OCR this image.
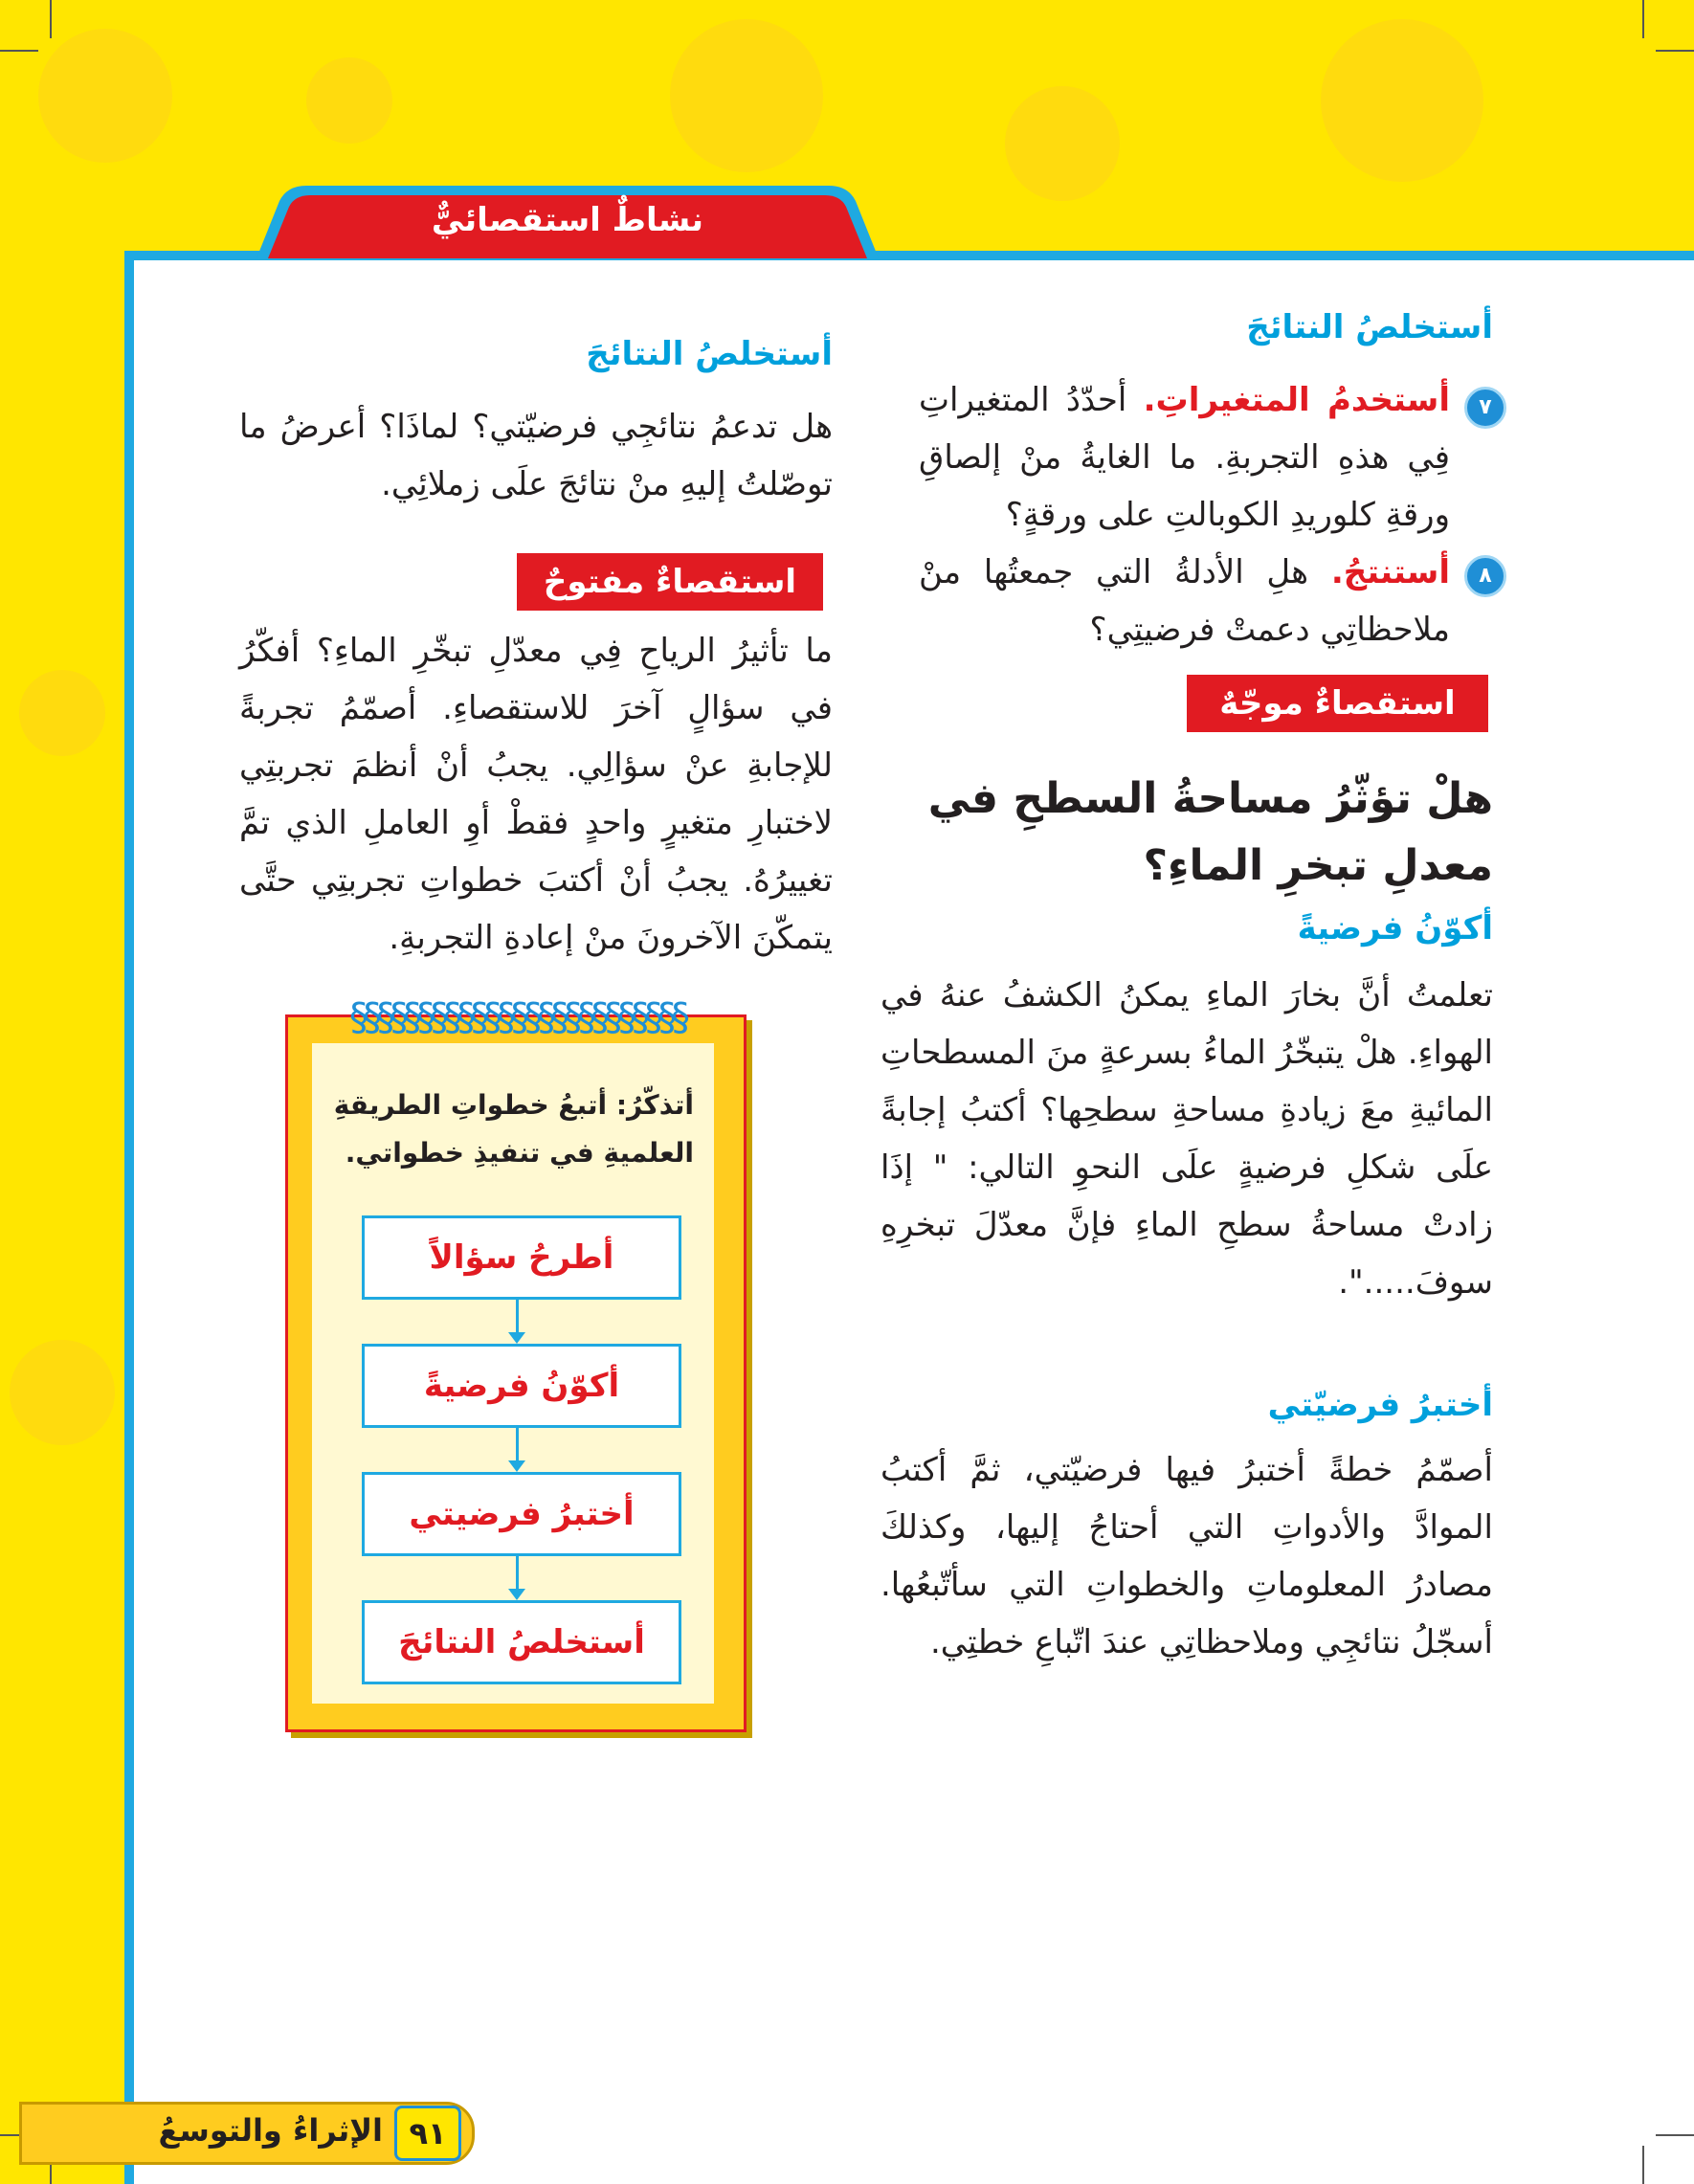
نشاطٌ استقصائيٌّ
أستخلصُ النتائجَ
٧
أستخدمُ المتغيراتِ. أحدّدُ المتغيراتِ فِي هذهِ التجربةِ. ما الغايةُ منْ إلصاقِ ورقةِ كلوريدِ الكوبالتِ على ورقةٍ؟
٨
أستنتجُ. هلِ الأدلةُ التي جمعتُها منْ ملاحظاتِي دعمتْ فرضيتِي؟
استقصاءٌ موجّهٌ
هلْ تؤثّرُ مساحةُ السطحِ في معدلِ تبخرِ الماءِ؟
أكوّنُ فرضيةً
تعلمتُ أنَّ بخارَ الماءِ يمكنُ الكشفُ عنهُ في الهواءِ. هلْ يتبخّرُ الماءُ بسرعةٍ منَ المسطحاتِ المائيةِ معَ زيادةِ مساحةِ سطحِها؟ أكتبُ إجابةً علَى شكلِ فرضيةٍ علَى النحوِ التالي: " إذَا زادتْ مساحةُ سطحِ الماءِ فإنَّ معدّلَ تبخرِهِ سوفَ.....".
أختبرُ فرضيّتي
أصمّمُ خطةً أختبرُ فيها فرضيّتي، ثمَّ أكتبُ الموادَّ والأدواتِ التي أحتاجُ إليها، وكذلكَ مصادرُ المعلوماتِ والخطواتِ التي سأتّبعُها. أسجّلُ نتائجِي وملاحظاتِي عندَ اتّباعِ خطتِي.
أستخلصُ النتائجَ
هل تدعمُ نتائجِي فرضيّتي؟ لماذَا؟ أعرضُ ما توصّلتُ إليهِ منْ نتائجَ علَى زملائِي.
استقصاءٌ مفتوحٌ
ما تأثيرُ الرياحِ فِي معدّلِ تبخّرِ الماءِ؟ أفكّرُ في سؤالٍ آخرَ للاستقصاءِ. أصمّمُ تجربةً للإجابةِ عنْ سؤالِي. يجبُ أنْ أنظمَ تجربتِي لاختبارِ متغيرٍ واحدٍ فقطْ أوِ العاملِ الذي تمَّ تغييرُهُ. يجبُ أنْ أكتبَ خطواتِ تجربتِي حتَّى يتمكّنَ الآخرونَ منْ إعادةِ التجربةِ.
§§§§§§§§§§§§§§§§§§§§§§§§§
أتذكّرُ: أتبعُ خطواتِ الطريقةِ العلميةِ في تنفيذِ خطواتي.
أطرحُ سؤالاً
أكوّنُ فرضيةً
أختبرُ فرضيتي
أستخلصُ النتائجَ
الإثراءُ والتوسعُ ٩١
